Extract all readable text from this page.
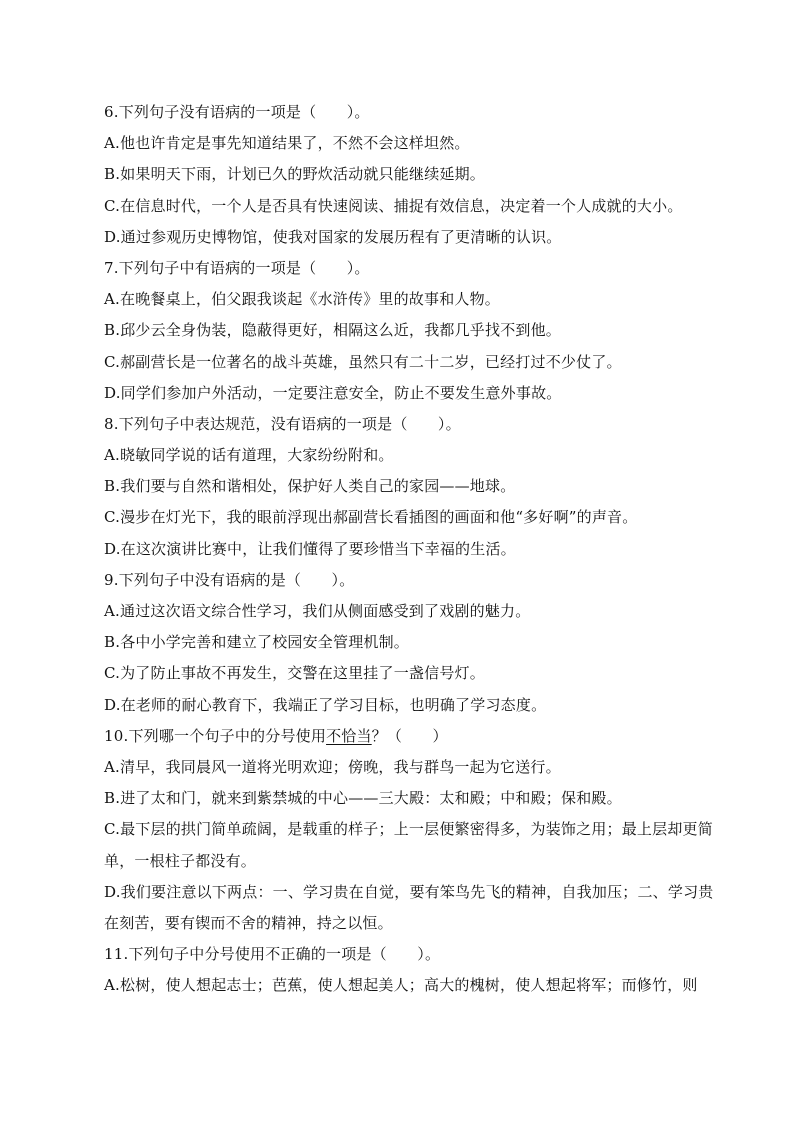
6.下列句子没有语病的一项是（　　）。
A.他也许肯定是事先知道结果了，不然不会这样坦然。
B.如果明天下雨，计划已久的野炊活动就只能继续延期。
C.在信息时代，一个人是否具有快速阅读、捕捉有效信息，决定着一个人成就的大小。
D.通过参观历史博物馆，使我对国家的发展历程有了更清晰的认识。
7.下列句子中有语病的一项是（　　）。
A.在晚餐桌上，伯父跟我谈起《水浒传》里的故事和人物。
B.邱少云全身伪装，隐蔽得更好，相隔这么近，我都几乎找不到他。
C.郝副营长是一位著名的战斗英雄，虽然只有二十二岁，已经打过不少仗了。
D.同学们参加户外活动，一定要注意安全，防止不要发生意外事故。
8.下列句子中表达规范，没有语病的一项是（　　）。
A.晓敏同学说的话有道理，大家纷纷附和。
B.我们要与自然和谐相处，保护好人类自己的家园——地球。
C.漫步在灯光下，我的眼前浮现出郝副营长看插图的画面和他“多好啊”的声音。
D.在这次演讲比赛中，让我们懂得了要珍惜当下幸福的生活。
9.下列句子中没有语病的是（　　）。
A.通过这次语文综合性学习，我们从侧面感受到了戏剧的魅力。
B.各中小学完善和建立了校园安全管理机制。
C.为了防止事故不再发生，交警在这里挂了一盏信号灯。
D.在老师的耐心教育下，我端正了学习目标，也明确了学习态度。
10.下列哪一个句子中的分号使用不恰当？（　　）
A.清早，我同晨风一道将光明欢迎；傍晚，我与群鸟一起为它送行。
B.进了太和门，就来到紫禁城的中心——三大殿：太和殿；中和殿；保和殿。
C.最下层的拱门简单疏阔，是载重的样子；上一层便繁密得多，为装饰之用；最上层却更简单，一根柱子都没有。
D.我们要注意以下两点：一、学习贵在自觉，要有笨鸟先飞的精神，自我加压；二、学习贵在刻苦，要有锲而不舍的精神，持之以恒。
11.下列句子中分号使用不正确的一项是（　　）。
A.松树，使人想起志士；芭蕉，使人想起美人；高大的槐树，使人想起将军；而修竹，则
